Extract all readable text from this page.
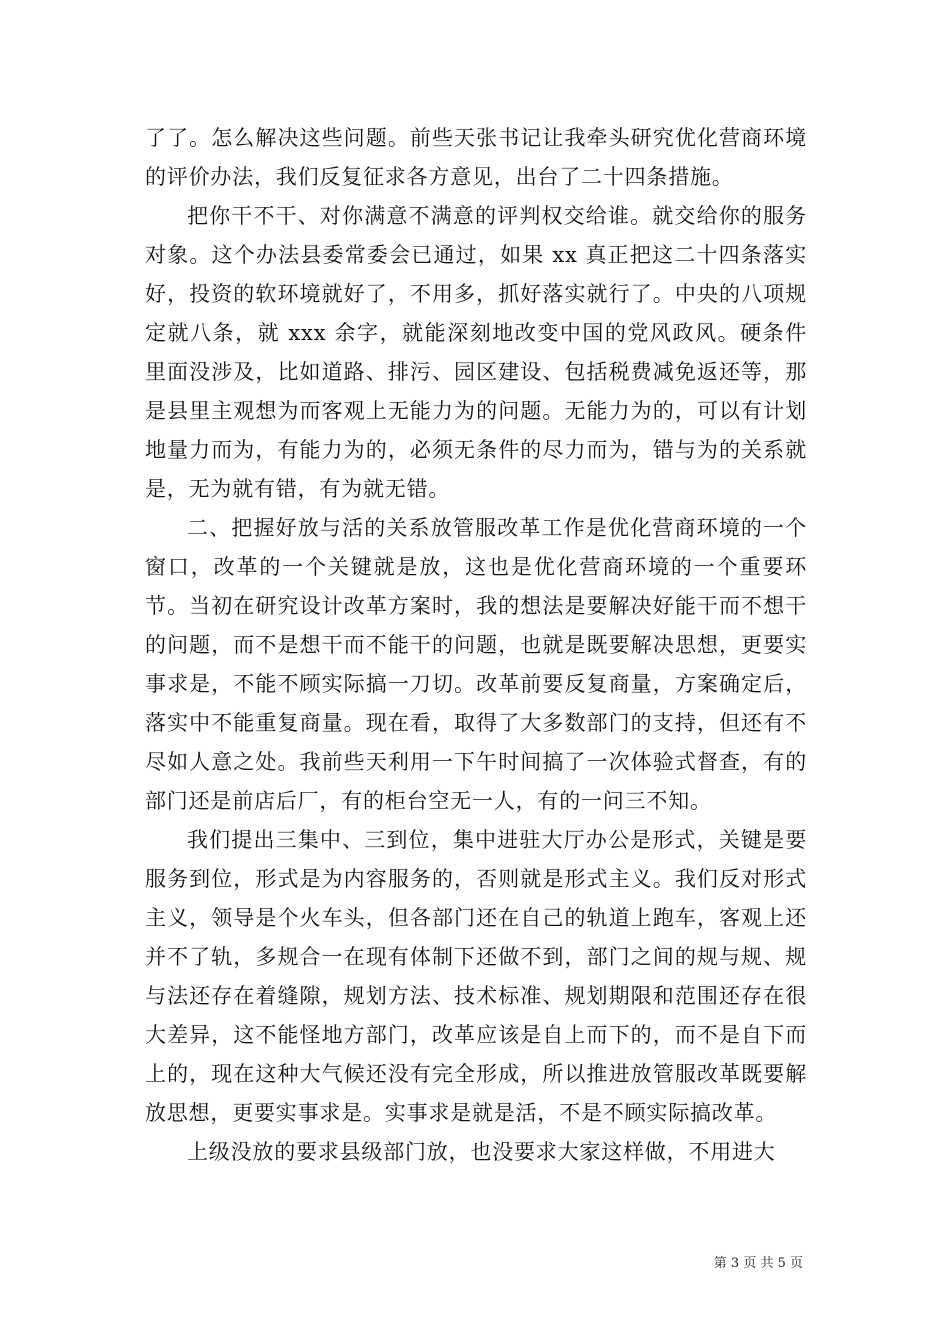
了了。怎么解决这些问题。前些天张书记让我牵头研究优化营商环境的评价办法，我们反复征求各方意见，出台了二十四条措施。

把你干不干、对你满意不满意的评判权交给谁。就交给你的服务对象。这个办法县委常委会已通过，如果 xx 真正把这二十四条落实好，投资的软环境就好了，不用多，抓好落实就行了。中央的八项规定就八条，就 xxx 余字，就能深刻地改变中国的党风政风。硬条件里面没涉及，比如道路、排污、园区建设、包括税费减免返还等，那是县里主观想为而客观上无能力为的问题。无能力为的，可以有计划地量力而为，有能力为的，必须无条件的尽力而为，错与为的关系就是，无为就有错，有为就无错。

二、把握好放与活的关系放管服改革工作是优化营商环境的一个窗口，改革的一个关键就是放，这也是优化营商环境的一个重要环节。当初在研究设计改革方案时，我的想法是要解决好能干而不想干的问题，而不是想干而不能干的问题，也就是既要解决思想，更要实事求是，不能不顾实际搞一刀切。改革前要反复商量，方案确定后，落实中不能重复商量。现在看，取得了大多数部门的支持，但还有不尽如人意之处。我前些天利用一下午时间搞了一次体验式督查，有的部门还是前店后厂，有的柜台空无一人，有的一问三不知。

我们提出三集中、三到位，集中进驻大厅办公是形式，关键是要服务到位，形式是为内容服务的，否则就是形式主义。我们反对形式主义，领导是个火车头，但各部门还在自己的轨道上跑车，客观上还并不了轨，多规合一在现有体制下还做不到，部门之间的规与规、规与法还存在着缝隙，规划方法、技术标准、规划期限和范围还存在很大差异，这不能怪地方部门，改革应该是自上而下的，而不是自下而上的，现在这种大气候还没有完全形成，所以推进放管服改革既要解放思想，更要实事求是。实事求是就是活，不是不顾实际搞改革。

上级没放的要求县级部门放，也没要求大家这样做，不用进大

第 3 页 共 5 页
